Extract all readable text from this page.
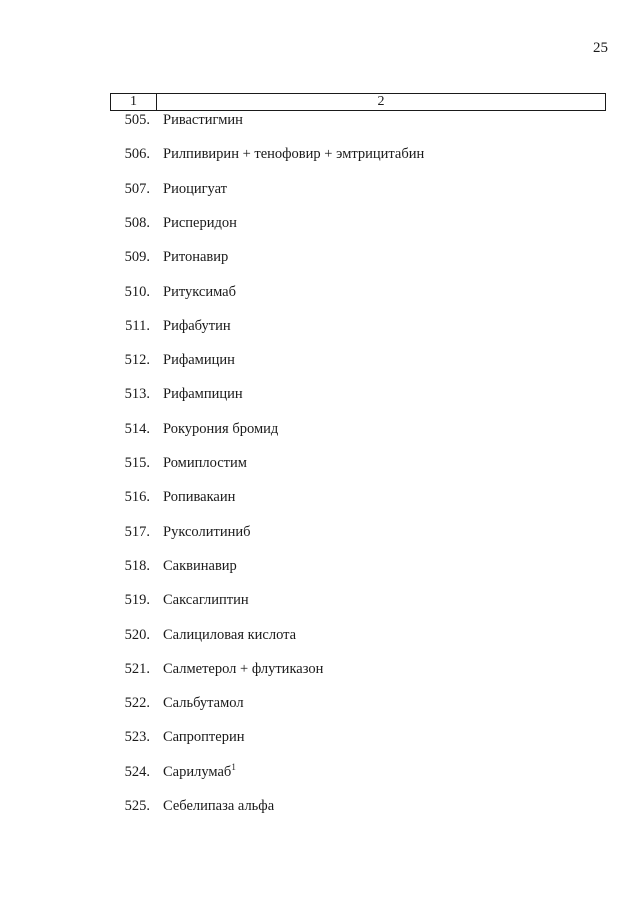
25
1	2
505. Ривастигмин
506. Рилпивирин + тенофовир + эмтрицитабин
507. Риоцигуат
508. Рисперидон
509. Ритонавир
510. Ритуксимаб
511. Рифабутин
512. Рифамицин
513. Рифампицин
514. Рокурония бромид
515. Ромиплостим
516. Ропивакаин
517. Руксолитиниб
518. Саквинавир
519. Саксаглиптин
520. Салициловая кислота
521. Салметерол + флутиказон
522. Сальбутамол
523. Сапроптерин
524. Сарилумаб$^1$
525. Себелипаза альфа
